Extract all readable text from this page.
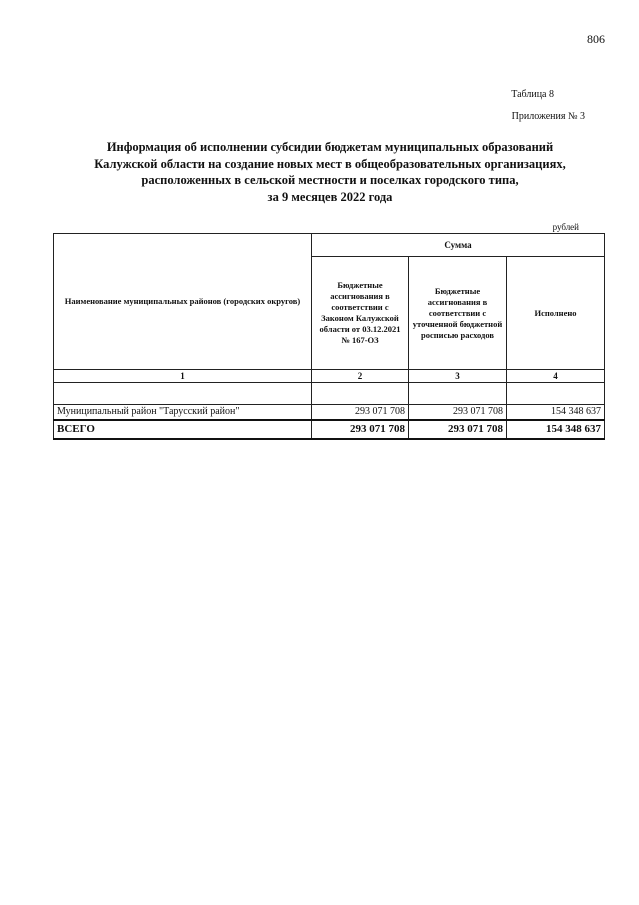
806
Таблица 8
Приложения № 3
Информация об исполнении субсидии бюджетам муниципальных образований
Калужской области на создание новых мест в общеобразовательных организациях,
расположенных в сельской местности и поселках городского типа,
за 9 месяцев 2022 года
рублей
Наименование муниципальных районов (городских округов)	Сумма		
	Бюджетные ассигнования в соответствии с Законом Калужской области от 03.12.2021 № 167-ОЗ	Бюджетные ассигнования в соответствии с уточненной бюджетной росписью расходов	Исполнено
1	2	3	4

Муниципальный район "Тарусский район"	293 071 708	293 071 708	154 348 637
ВСЕГО	293 071 708	293 071 708	154 348 637
